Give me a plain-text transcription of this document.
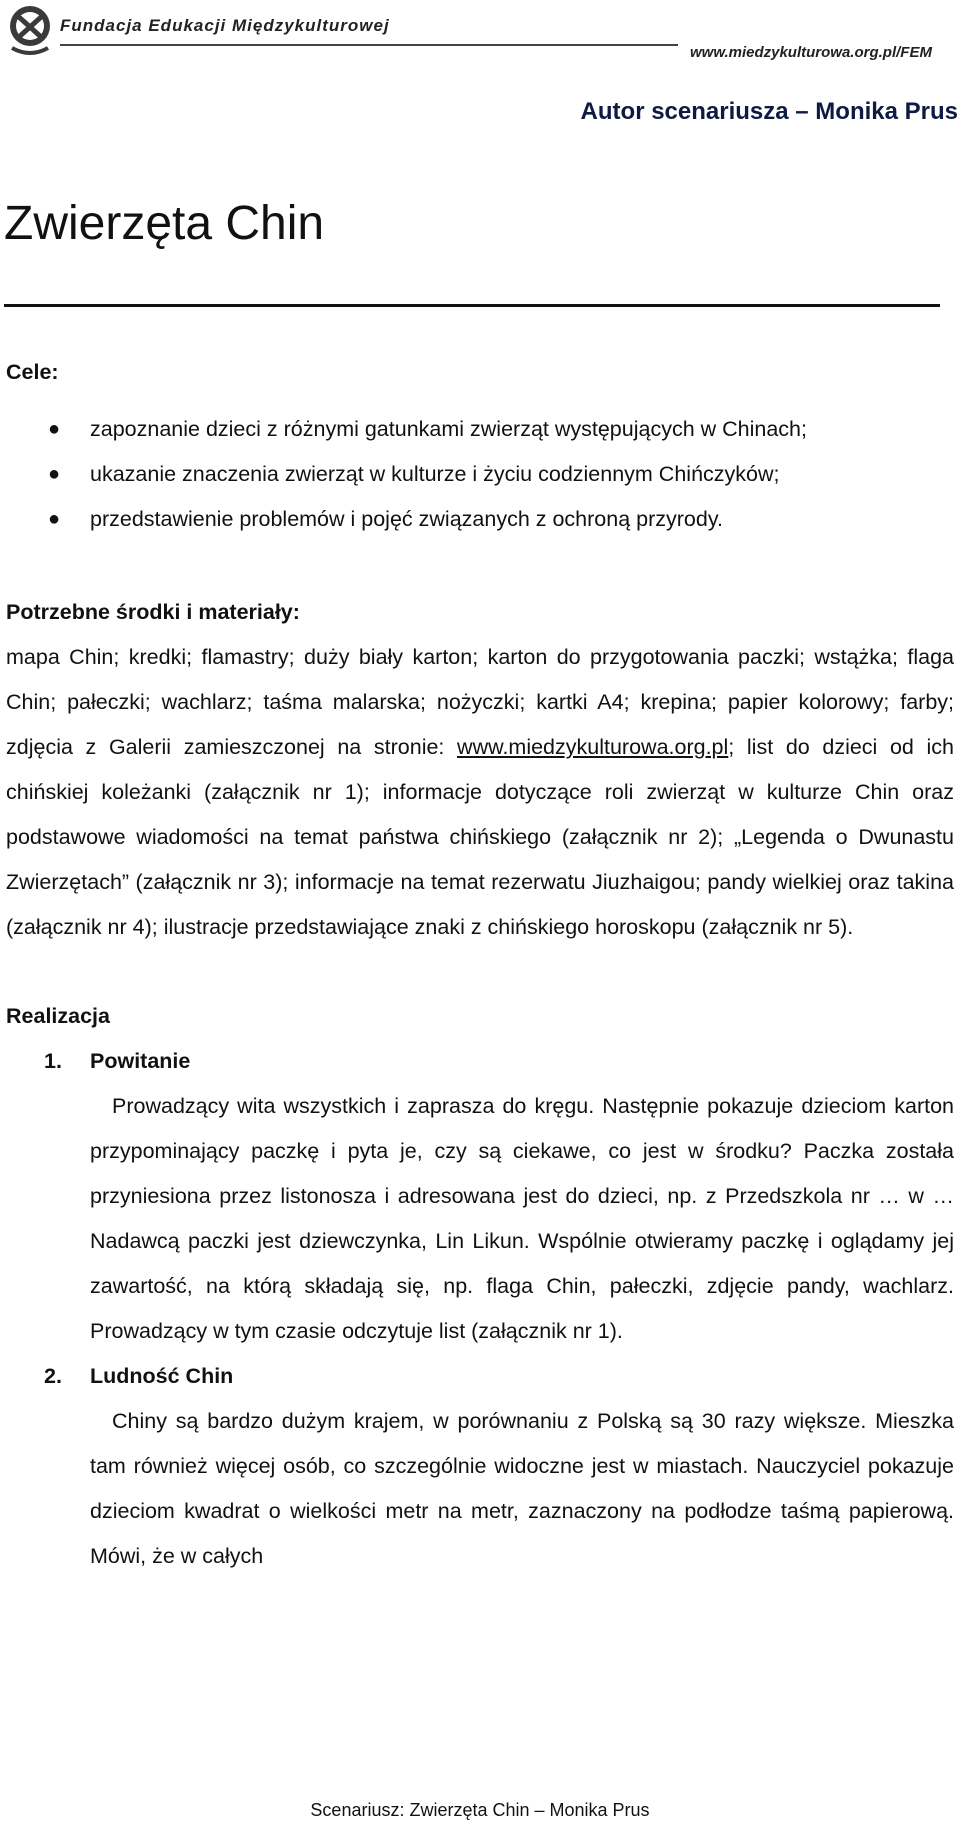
Fundacja Edukacji Międzykulturowej
www.miedzykulturowa.org.pl/FEM
Autor scenariusza – Monika Prus
Zwierzęta Chin

Cele:

● zapoznanie dzieci z różnymi gatunkami zwierząt występujących w Chinach;
● ukazanie znaczenia zwierząt w kulturze i życiu codziennym Chińczyków;
● przedstawienie problemów i pojęć związanych z ochroną przyrody.

Potrzebne środki i materiały:

mapa Chin; kredki; flamastry; duży biały karton; karton do przygotowania paczki; wstążka; flaga Chin; pałeczki; wachlarz; taśma malarska; nożyczki; kartki A4; krepina; papier kolorowy; farby; zdjęcia z Galerii zamieszczonej na stronie: www.miedzykulturowa.org.pl; list do dzieci od ich chińskiej koleżanki (załącznik nr 1); informacje dotyczące roli zwierząt w kulturze Chin oraz podstawowe wiadomości na temat państwa chińskiego (załącznik nr 2); „Legenda o Dwunastu Zwierzętach” (załącznik nr 3); informacje na temat rezerwatu Jiuzhaigou; pandy wielkiej oraz takina (załącznik nr 4); ilustracje przedstawiające znaki z chińskiego horoskopu (załącznik nr 5).

Realizacja

1. Powitanie

Prowadzący wita wszystkich i zaprasza do kręgu. Następnie pokazuje dzieciom karton przypominający paczkę i pyta je, czy są ciekawe, co jest w środku? Paczka została przyniesiona przez listonosza i adresowana jest do dzieci, np. z Przedszkola nr … w … Nadawcą paczki jest dziewczynka, Lin Likun. Wspólnie otwieramy paczkę i oglądamy jej zawartość, na którą składają się, np. flaga Chin, pałeczki, zdjęcie pandy, wachlarz. Prowadzący w tym czasie odczytuje list (załącznik nr 1).

2. Ludność Chin

Chiny są bardzo dużym krajem, w porównaniu z Polską są 30 razy większe. Mieszka tam również więcej osób, co szczególnie widoczne jest w miastach. Nauczyciel pokazuje dzieciom kwadrat o wielkości metr na metr, zaznaczony na podłodze taśmą papierową. Mówi, że w całych

Scenariusz: Zwierzęta Chin – Monika Prus
